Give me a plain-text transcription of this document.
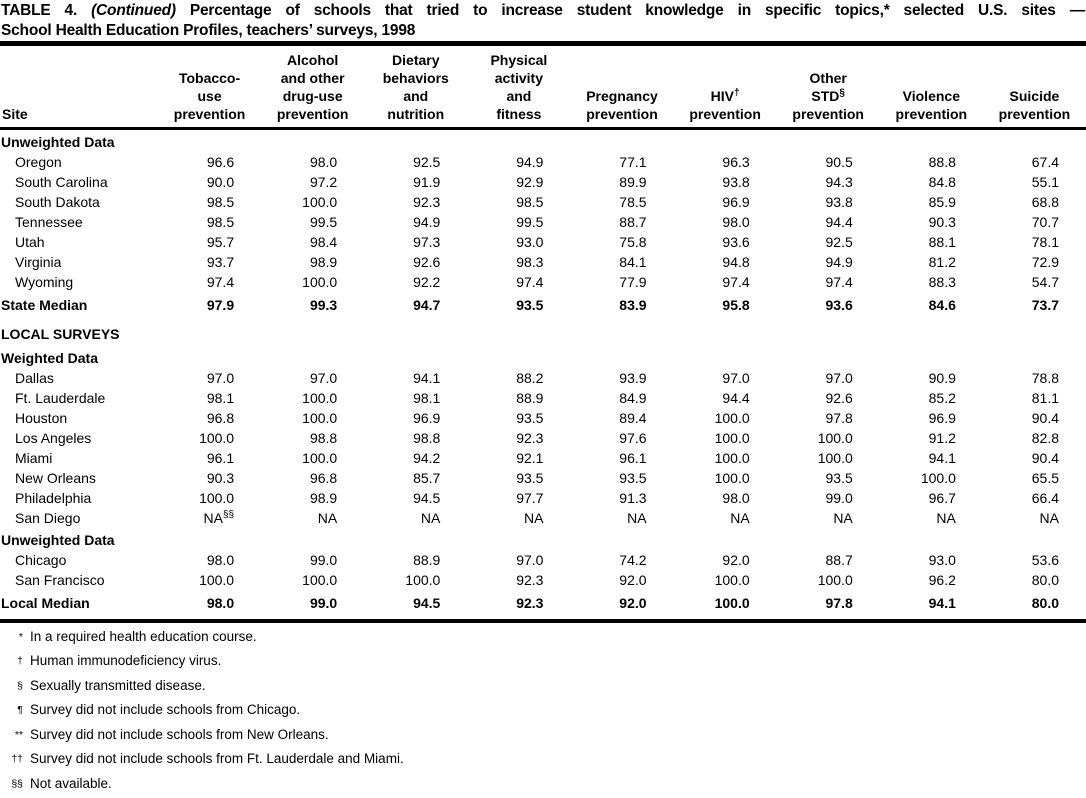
TABLE 4. (Continued) Percentage of schools that tried to increase student knowledge in specific topics,* selected U.S. sites —
School Health Education Profiles, teachers’ surveys, 1998
Site	Tobacco-
use
prevention	Alcohol
and other
drug-use
prevention	Dietary
behaviors
and
nutrition	Physical
activity
and
fitness	Pregnancy
prevention	HIV†
prevention	Other
STD§
prevention	Violence
prevention	Suicide
prevention
Unweighted Data									
Oregon	96.6	98.0	92.5	94.9	77.1	96.3	90.5	88.8	67.4
South Carolina	90.0	97.2	91.9	92.9	89.9	93.8	94.3	84.8	55.1
South Dakota	98.5	100.0	92.3	98.5	78.5	96.9	93.8	85.9	68.8
Tennessee	98.5	99.5	94.9	99.5	88.7	98.0	94.4	90.3	70.7
Utah	95.7	98.4	97.3	93.0	75.8	93.6	92.5	88.1	78.1
Virginia	93.7	98.9	92.6	98.3	84.1	94.8	94.9	81.2	72.9
Wyoming	97.4	100.0	92.2	97.4	77.9	97.4	97.4	88.3	54.7
State Median	97.9	99.3	94.7	93.5	83.9	95.8	93.6	84.6	73.7
LOCAL SURVEYS									
Weighted Data									
Dallas	97.0	97.0	94.1	88.2	93.9	97.0	97.0	90.9	78.8
Ft. Lauderdale	98.1	100.0	98.1	88.9	84.9	94.4	92.6	85.2	81.1
Houston	96.8	100.0	96.9	93.5	89.4	100.0	97.8	96.9	90.4
Los Angeles	100.0	98.8	98.8	92.3	97.6	100.0	100.0	91.2	82.8
Miami	96.1	100.0	94.2	92.1	96.1	100.0	100.0	94.1	90.4
New Orleans	90.3	96.8	85.7	93.5	93.5	100.0	93.5	100.0	65.5
Philadelphia	100.0	98.9	94.5	97.7	91.3	98.0	99.0	96.7	66.4
San Diego	NA§§	NA	NA	NA	NA	NA	NA	NA	NA
Unweighted Data									
Chicago	98.0	99.0	88.9	97.0	74.2	92.0	88.7	93.0	53.6
San Francisco	100.0	100.0	100.0	92.3	92.0	100.0	100.0	96.2	80.0
Local Median	98.0	99.0	94.5	92.3	92.0	100.0	97.8	94.1	80.0
* In a required health education course.
† Human immunodeficiency virus.
§ Sexually transmitted disease.
¶ Survey did not include schools from Chicago.
** Survey did not include schools from New Orleans.
†† Survey did not include schools from Ft. Lauderdale and Miami.
§§ Not available.
